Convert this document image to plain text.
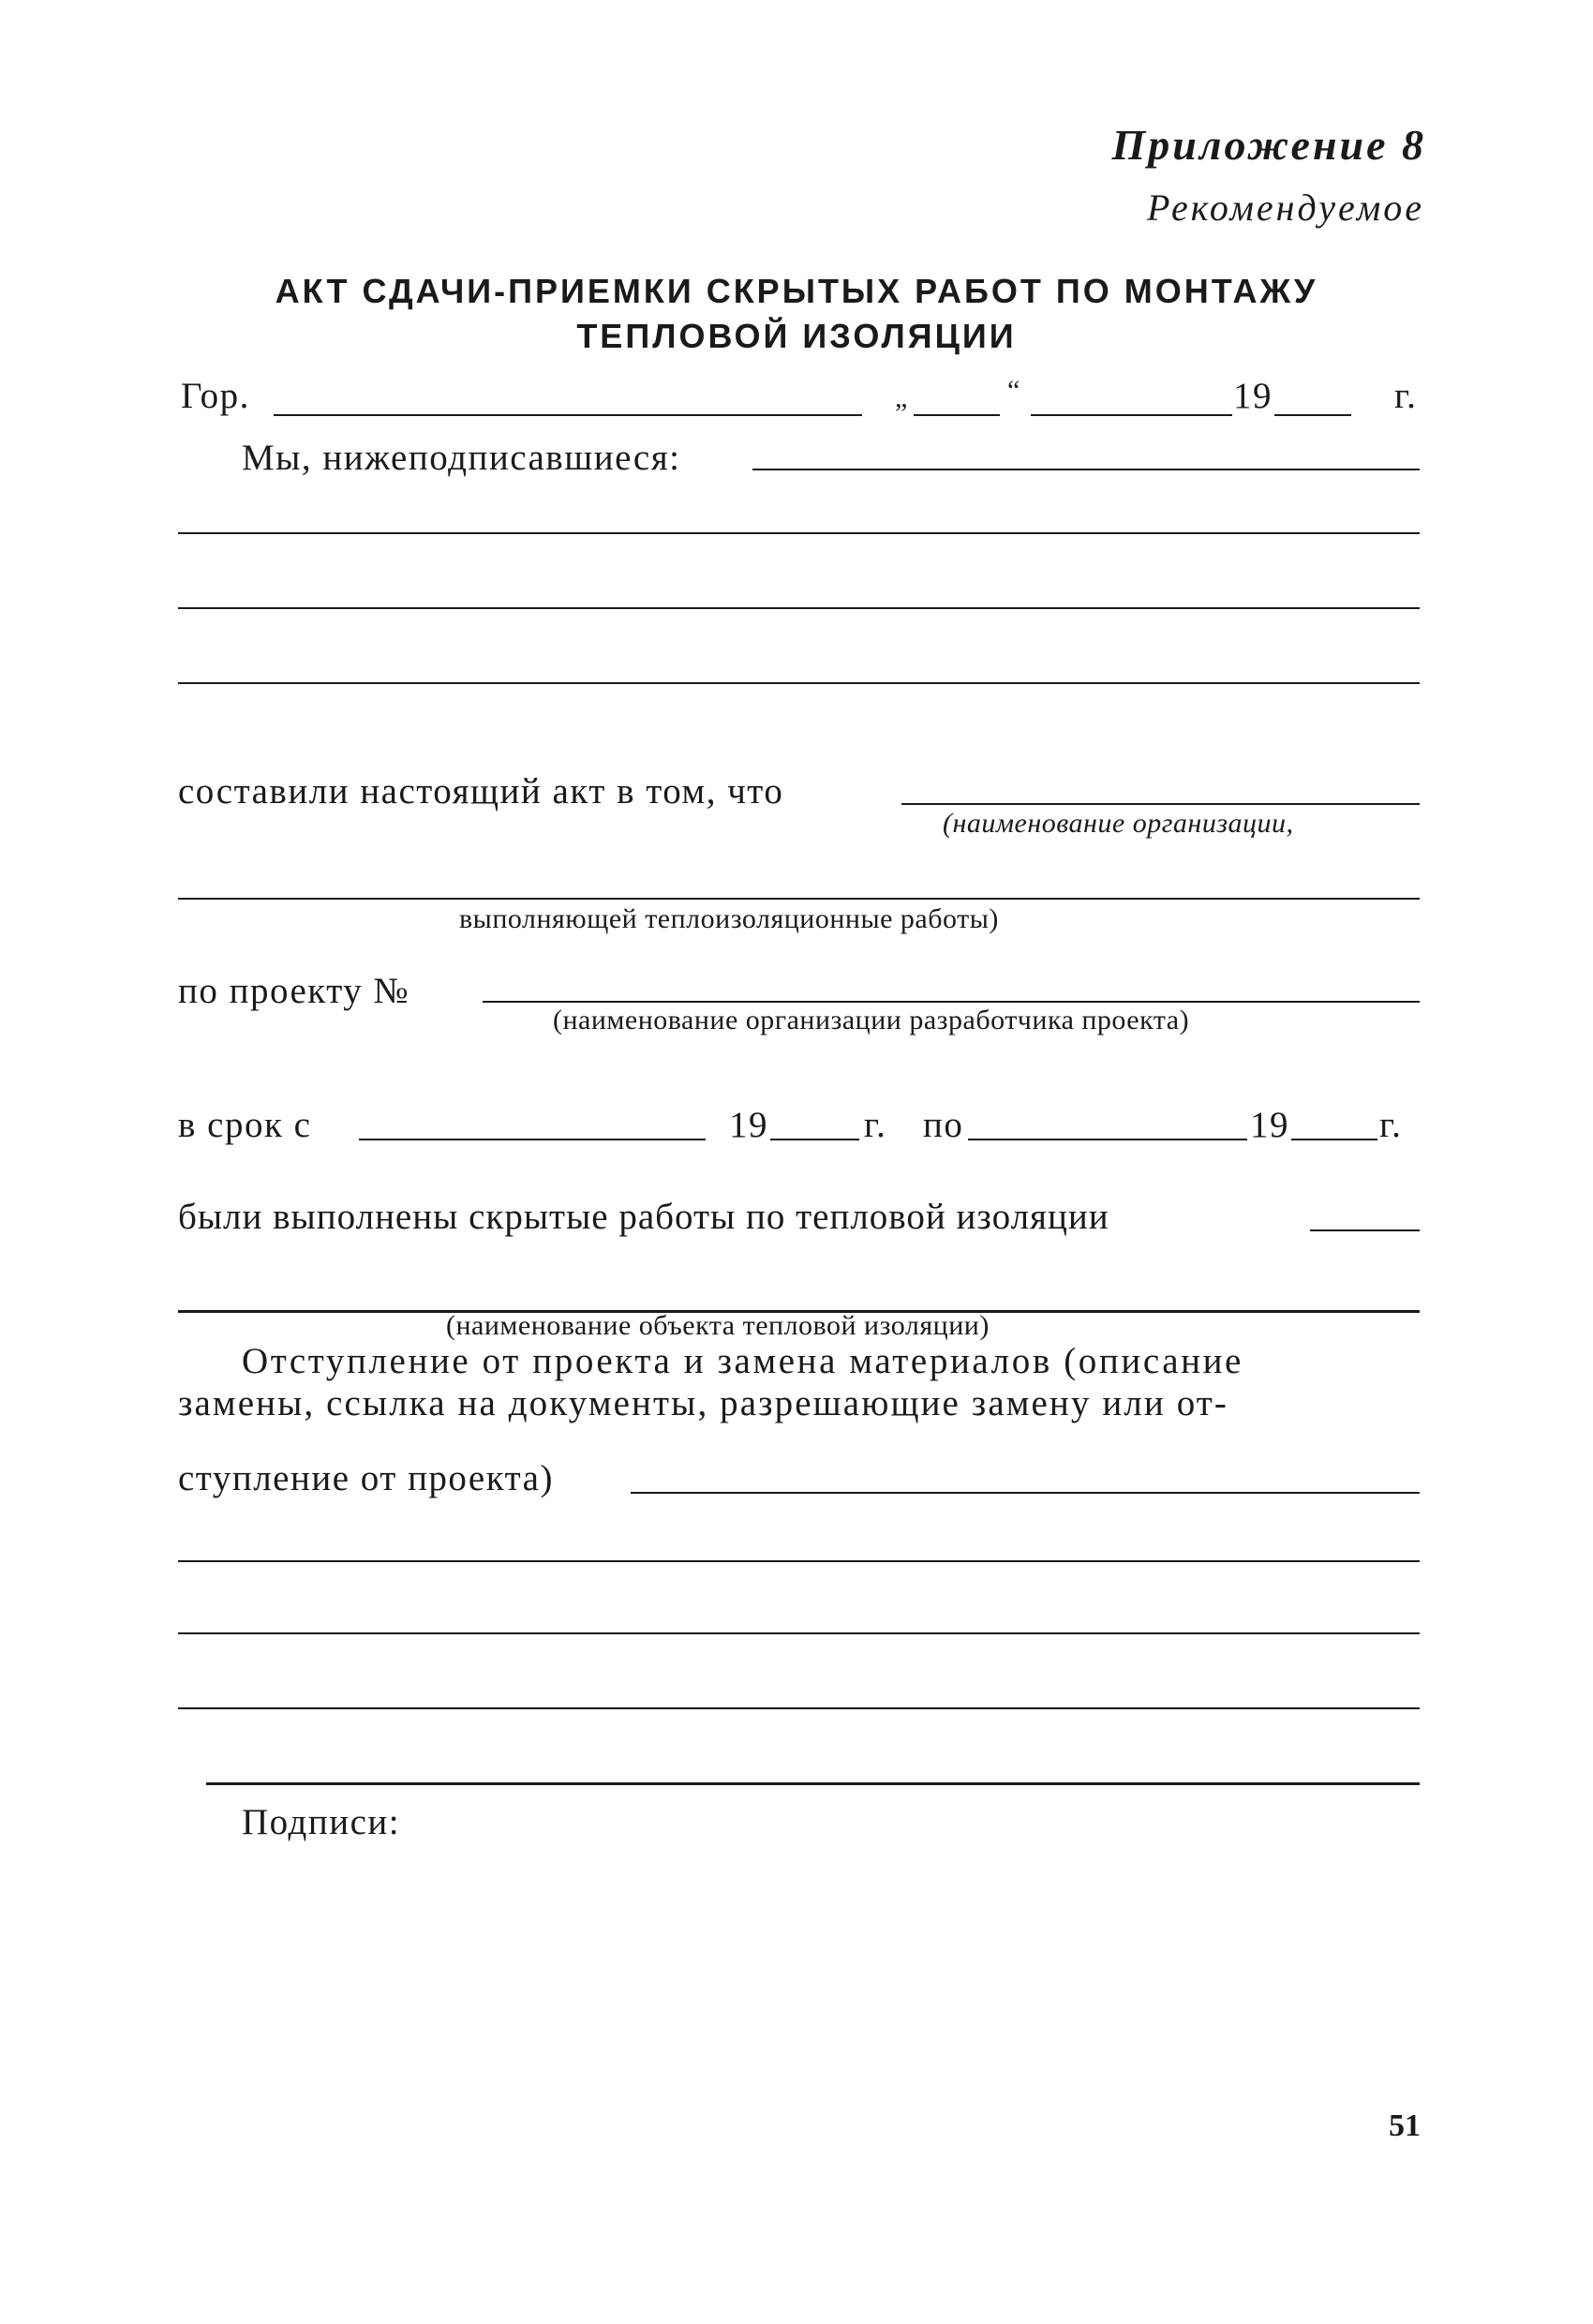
Приложение 8
Рекомендуемое
АКТ СДАЧИ-ПРИЕМКИ СКРЫТЫХ РАБОТ ПО МОНТАЖУ
ТЕПЛОВОЙ ИЗОЛЯЦИИ
Гор.	„	“	19	г.
Мы, нижеподписавшиеся:
составили настоящий акт в том, что
(наименование организации,
выполняющей теплоизоляционные работы)
по проекту №
(наименование организации разработчика проекта)
в срок с	19	г. по	19 г.
были выполнены скрытые работы по тепловой изоляции
(наименование объекта тепловой изоляции)
Отступление от проекта и замена материалов (описание
замены, ссылка на документы, разрешающие замену или от-
ступление от проекта)
Подписи:
51
